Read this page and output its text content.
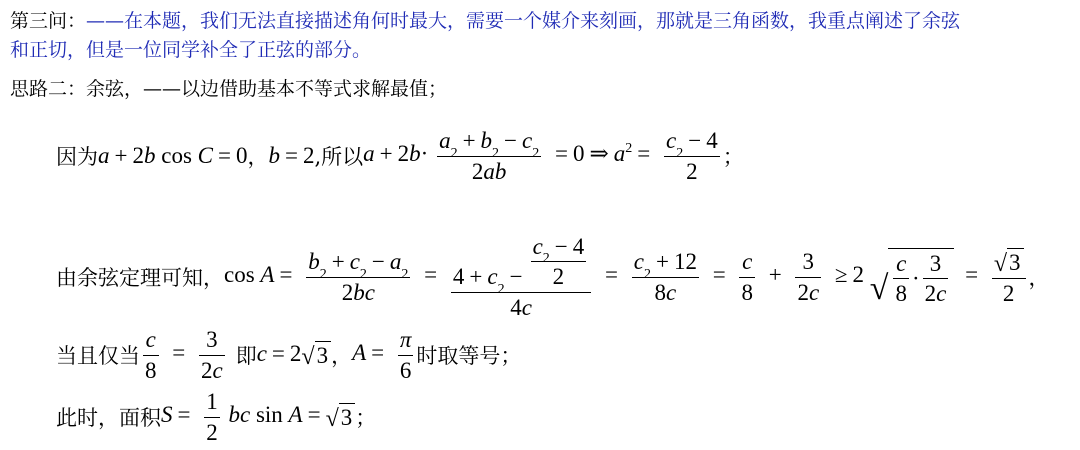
第三问：——在本题，我们无法直接描述角何时最大，需要一个媒介来刻画，那就是三角函数，我重点阐述了余弦
和正切，但是一位同学补全了正弦的部分。
思路二：余弦，——以边借助基本不等式求解最值；
因为 a + 2b cos C = 0 ， b = 2 ,所以 $a + 2b\cdot \frac{a 2 + b 2 - c 2}{2ab} = 0$ ⇒ $a^2 = \frac{c 2 - 4}{2}$ ；
由余弦定理可知， $\cos A = \frac{b 2 + c 2 - a 2}{2bc} = \frac{4 + c 2 - \frac{c 2 - 4}{2}}{4c} = \frac{c 2 + 12}{8c} = \frac{c}{8} + \frac{3}{2c} \ge 2$ √ $\frac{c}{8} \cdot \frac{3}{2c} = \frac{√ 3}{2}$ ，
当且仅当 $\frac{c}{8} = \frac{3}{2c}$ 即 c = 2 √ 3 ， $A = \frac{\pi}{6}$ 时取等号；
此时，面积 $S = \frac{1}{2}$ bc sin A = √ 3 ；
